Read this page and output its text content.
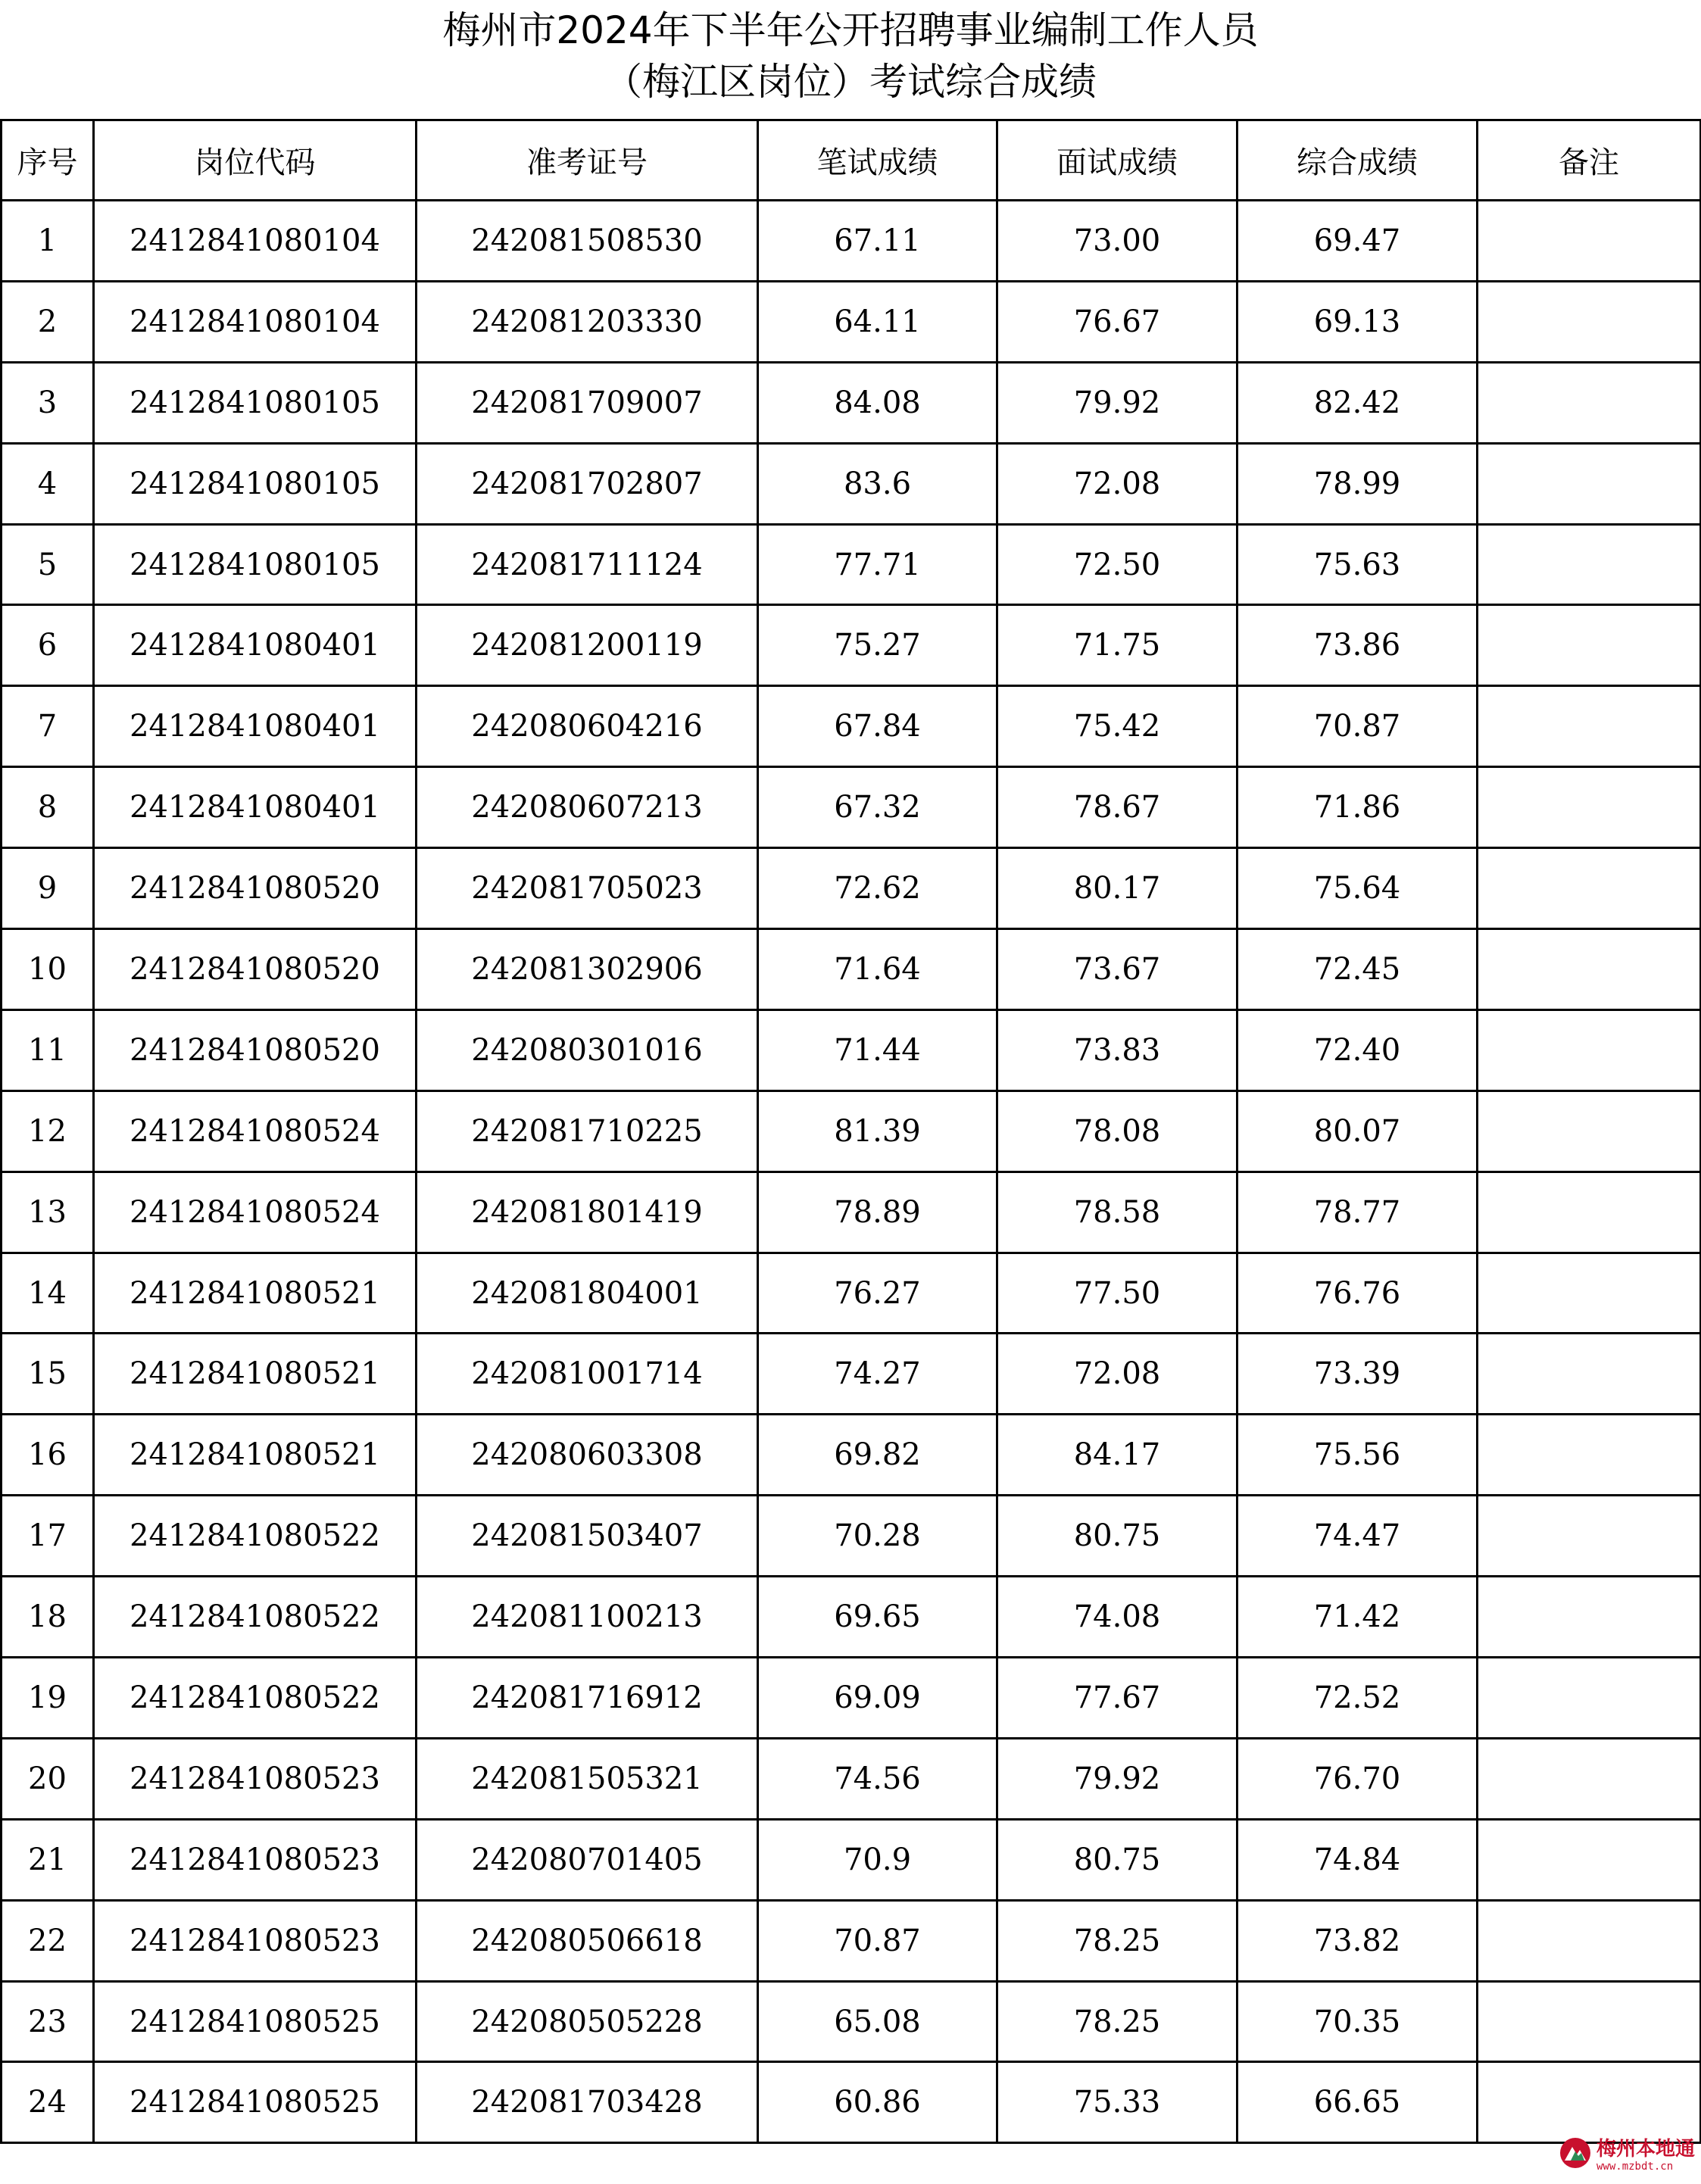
梅州市2024年下半年公开招聘事业编制工作人员
（梅江区岗位）考试综合成绩
序号	岗位代码	准考证号	笔试成绩	面试成绩	综合成绩	备注
1	2412841080104	242081508530	67.11	73.00	69.47	
2	2412841080104	242081203330	64.11	76.67	69.13	
3	2412841080105	242081709007	84.08	79.92	82.42	
4	2412841080105	242081702807	83.6	72.08	78.99	
5	2412841080105	242081711124	77.71	72.50	75.63	
6	2412841080401	242081200119	75.27	71.75	73.86	
7	2412841080401	242080604216	67.84	75.42	70.87	
8	2412841080401	242080607213	67.32	78.67	71.86	
9	2412841080520	242081705023	72.62	80.17	75.64	
10	2412841080520	242081302906	71.64	73.67	72.45	
11	2412841080520	242080301016	71.44	73.83	72.40	
12	2412841080524	242081710225	81.39	78.08	80.07	
13	2412841080524	242081801419	78.89	78.58	78.77	
14	2412841080521	242081804001	76.27	77.50	76.76	
15	2412841080521	242081001714	74.27	72.08	73.39	
16	2412841080521	242080603308	69.82	84.17	75.56	
17	2412841080522	242081503407	70.28	80.75	74.47	
18	2412841080522	242081100213	69.65	74.08	71.42	
19	2412841080522	242081716912	69.09	77.67	72.52	
20	2412841080523	242081505321	74.56	79.92	76.70	
21	2412841080523	242080701405	70.9	80.75	74.84	
22	2412841080523	242080506618	70.87	78.25	73.82	
23	2412841080525	242080505228	65.08	78.25	70.35	
24	2412841080525	242081703428	60.86	75.33	66.65	
梅州本地通
www.mzbdt.cn
